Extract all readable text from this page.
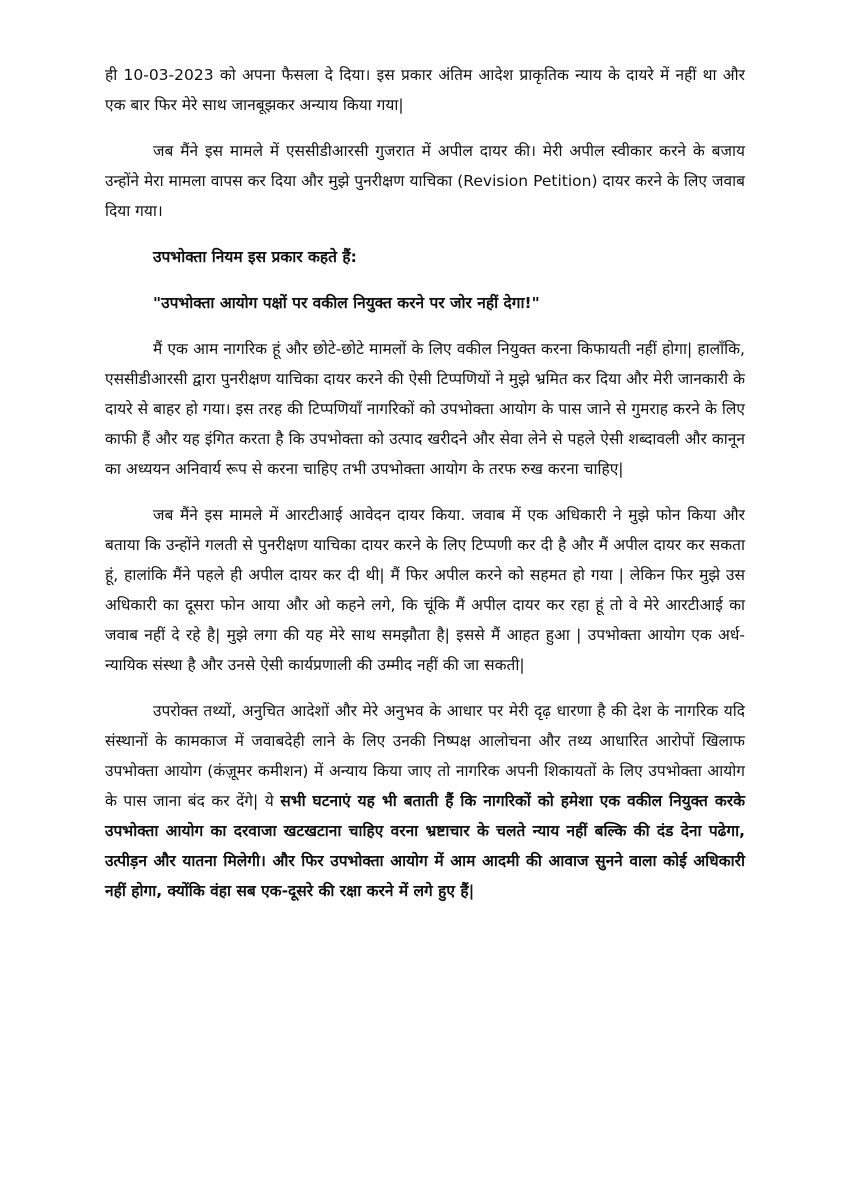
ही 10-03-2023 को अपना फैसला दे दिया। इस प्रकार अंतिम आदेश प्राकृतिक न्याय के दायरे में नहीं था और एक बार फिर मेरे साथ जानबूझकर अन्याय किया गया|

जब मैंने इस मामले में एससीडीआरसी गुजरात में अपील दायर की। मेरी अपील स्वीकार करने के बजाय उन्होंने मेरा मामला वापस कर दिया और मुझे पुनरीक्षण याचिका (Revision Petition) दायर करने के लिए जवाब दिया गया।

उपभोक्ता नियम इस प्रकार कहते हैं:

"उपभोक्ता आयोग पक्षों पर वकील नियुक्त करने पर जोर नहीं देगा!"

मैं एक आम नागरिक हूं और छोटे-छोटे मामलों के लिए वकील नियुक्त करना किफायती नहीं होगा| हालाँकि, एससीडीआरसी द्वारा पुनरीक्षण याचिका दायर करने की ऐसी टिप्पणियों ने मुझे भ्रमित कर दिया और मेरी जानकारी के दायरे से बाहर हो गया। इस तरह की टिप्पणियाँ नागरिकों को उपभोक्ता आयोग के पास जाने से गुमराह करने के लिए काफी हैं और यह इंगित करता है कि उपभोक्ता को उत्पाद खरीदने और सेवा लेने से पहले ऐसी शब्दावली और कानून का अध्ययन अनिवार्य रूप से करना चाहिए तभी उपभोक्ता आयोग के तरफ रुख करना चाहिए|

जब मैंने इस मामले में आरटीआई आवेदन दायर किया. जवाब में एक अधिकारी ने मुझे फोन किया और बताया कि उन्होंने गलती से पुनरीक्षण याचिका दायर करने के लिए टिप्पणी कर दी है और मैं अपील दायर कर सकता हूं, हालांकि मैंने पहले ही अपील दायर कर दी थी| मैं फिर अपील करने को सहमत हो गया | लेकिन फिर मुझे उस अधिकारी का दूसरा फोन आया और ओ कहने लगे, कि चूंकि मैं अपील दायर कर रहा हूं तो वे मेरे आरटीआई का जवाब नहीं दे रहे है| मुझे लगा की यह मेरे साथ समझौता है| इससे मैं आहत हुआ | उपभोक्ता आयोग एक अर्ध-न्यायिक संस्था है और उनसे ऐसी कार्यप्रणाली की उम्मीद नहीं की जा सकती|

उपरोक्त तथ्यों, अनुचित आदेशों और मेरे अनुभव के आधार पर मेरी दृढ़ धारणा है की देश के नागरिक यदि संस्थानों के कामकाज में जवाबदेही लाने के लिए उनकी निष्पक्ष आलोचना और तथ्य आधारित आरोपों खिलाफ उपभोक्ता आयोग (कंज़ूमर कमीशन) में अन्याय किया जाए तो नागरिक अपनी शिकायतों के लिए उपभोक्ता आयोग के पास जाना बंद कर देंगे| ये सभी घटनाएं यह भी बताती हैं कि नागरिकों को हमेशा एक वकील नियुक्त करके उपभोक्ता आयोग का दरवाजा खटखटाना चाहिए वरना भ्रष्टाचार के चलते न्याय नहीं बल्कि की दंड देना पढेगा, उत्पीड़न और यातना मिलेगी। और फिर उपभोक्ता आयोग में आम आदमी की आवाज सुनने वाला कोई अधिकारी नहीं होगा, क्योंकि वंहा सब एक-दूसरे की रक्षा करने में लगे हुए हैं|
